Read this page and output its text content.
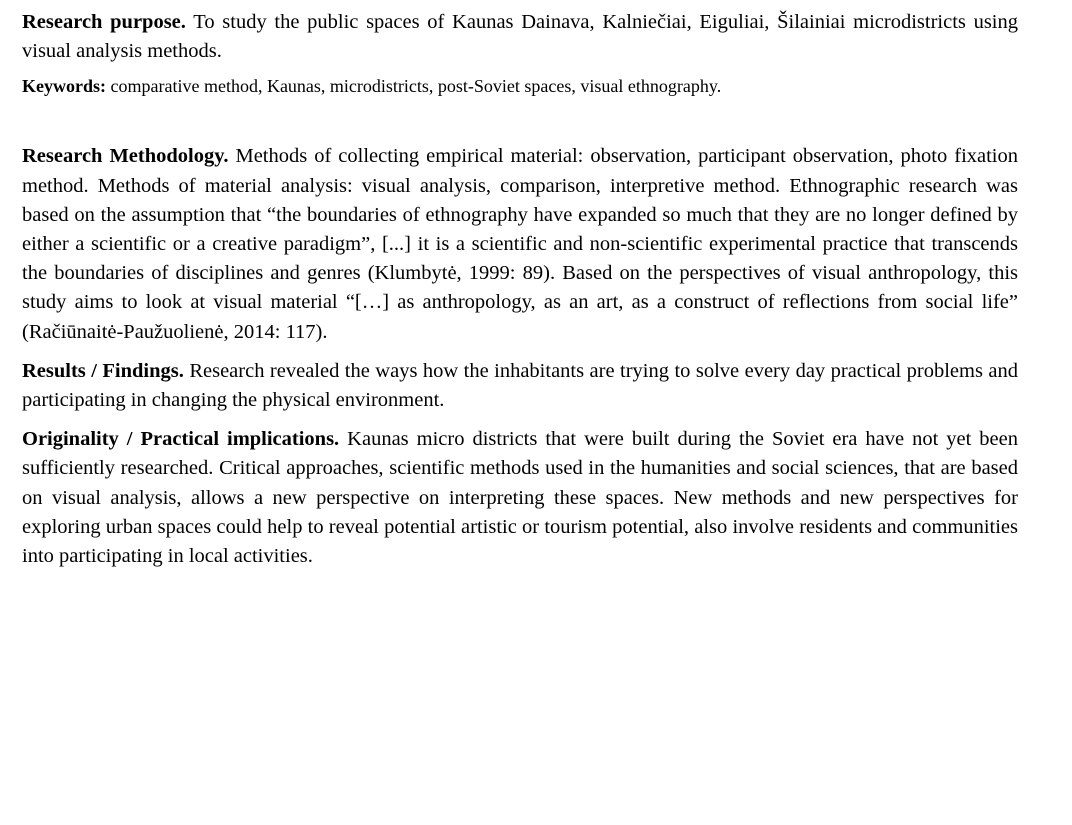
Research purpose. To study the public spaces of Kaunas Dainava, Kalniečiai, Eiguliai, Šilainiai microdistricts using visual analysis methods.

Keywords: comparative method, Kaunas, microdistricts, post-Soviet spaces, visual ethnography.

Research Methodology. Methods of collecting empirical material: observation, participant observation, photo fixation method. Methods of material analysis: visual analysis, comparison, interpretive method. Ethnographic research was based on the assumption that “the boundaries of ethnography have expanded so much that they are no longer defined by either a scientific or a creative paradigm”, [...] it is a scientific and non-scientific experimental practice that transcends the boundaries of disciplines and genres (Klumbytė, 1999: 89). Based on the perspectives of visual anthropology, this study aims to look at visual material “[…] as anthropology, as an art, as a construct of reflections from social life” (Račiūnaitė-Paužuolienė, 2014: 117).

Results / Findings. Research revealed the ways how the inhabitants are trying to solve every day practical problems and participating in changing the physical environment.

Originality / Practical implications. Kaunas micro districts that were built during the Soviet era have not yet been sufficiently researched. Critical approaches, scientific methods used in the humanities and social sciences, that are based on visual analysis, allows a new perspective on interpreting these spaces. New methods and new perspectives for exploring urban spaces could help to reveal potential artistic or tourism potential, also involve residents and communities into participating in local activities.
